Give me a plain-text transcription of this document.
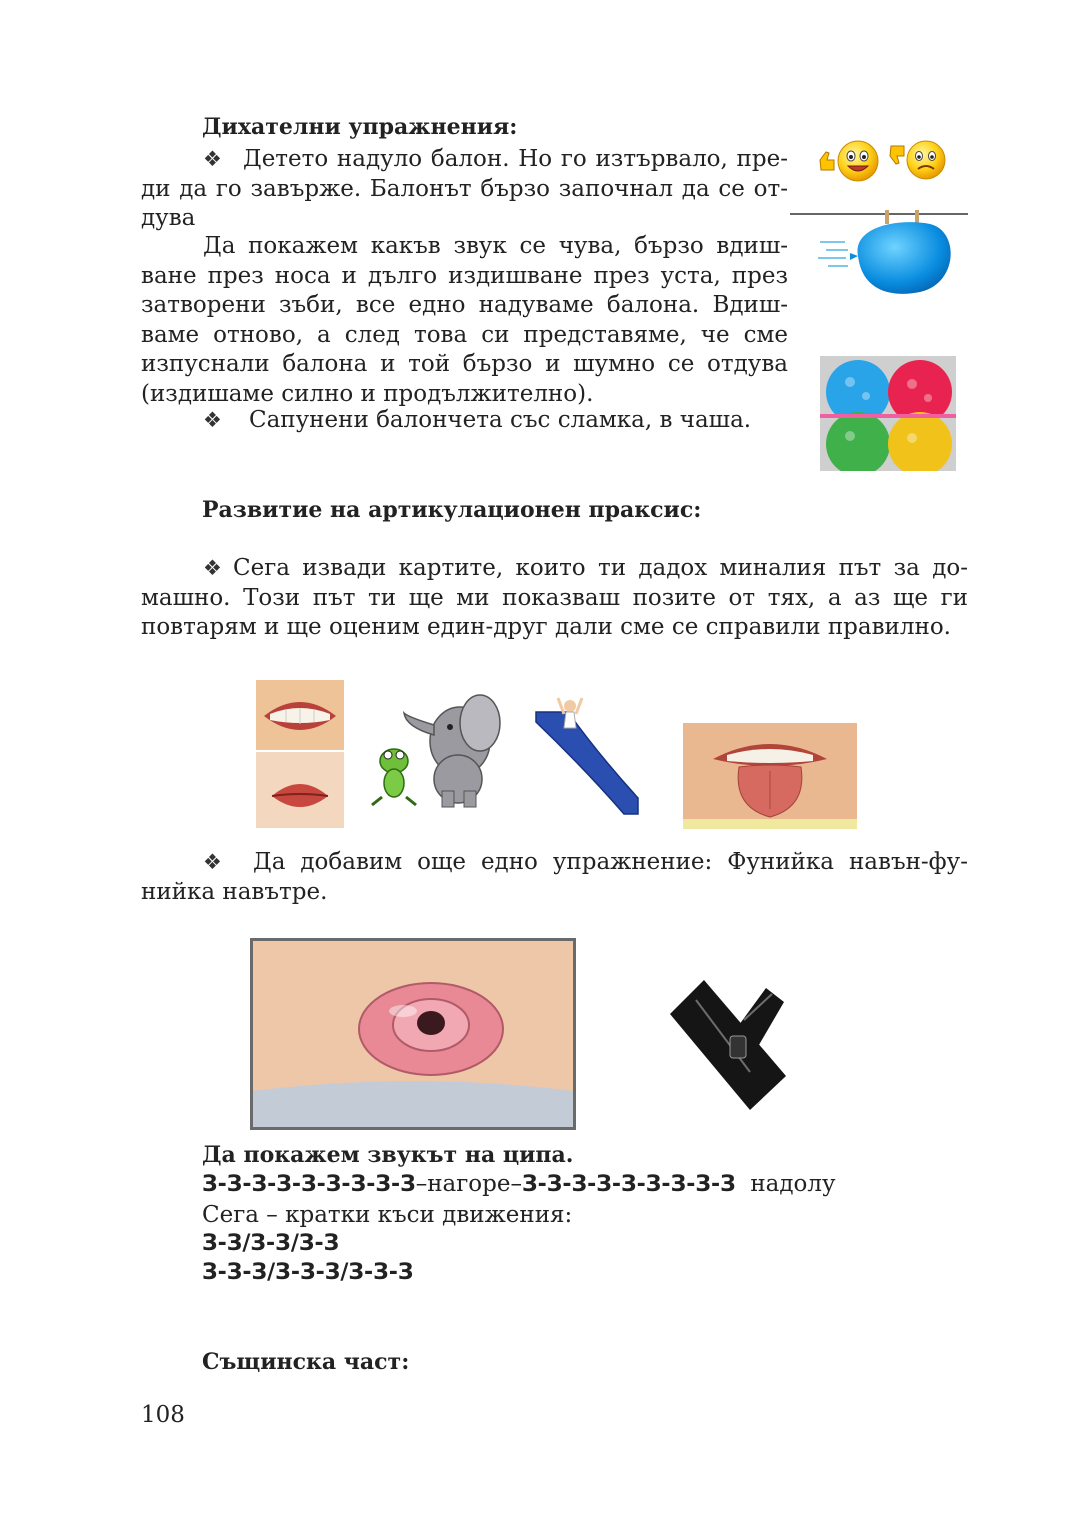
Дихателни упражнения:
❖ Детето надуло балон. Но го изтървало, пре-
ди да го завърже. Балонът бързо започнал да се от-
дува
Да покажем какъв звук се чува, бързо вдиш-
ване през носа и дълго издишване през уста, през
затворени зъби, все едно надуваме балона. Вдиш-
ваме отново, а след това си представяме, че сме
изпуснали балона и той бързо и шумно се отдува
(издишаме силно и продължително).
❖ Сапунени балончета със сламка, в чаша.
Развитие на артикулационен праксис:
❖ Сега извади картите, които ти дадох миналия път за до-
машно. Този път ти ще ми показваш позите от тях, а аз ще ги
повтарям и ще оценим един-друг дали сме се справили правилно.
❖ Да добавим още едно упражнение: Фунийка навън-фу-
нийка навътре.
Да покажем звукът на ципа.
З-З-З-З-З-З-З-З-З–нагоре–З-З-З-З-З-З-З-З-З надолу
Сега – кратки къси движения:
З-З/З-З/З-З
З-З-З/З-З-З/З-З-З
Същинска част:
108
